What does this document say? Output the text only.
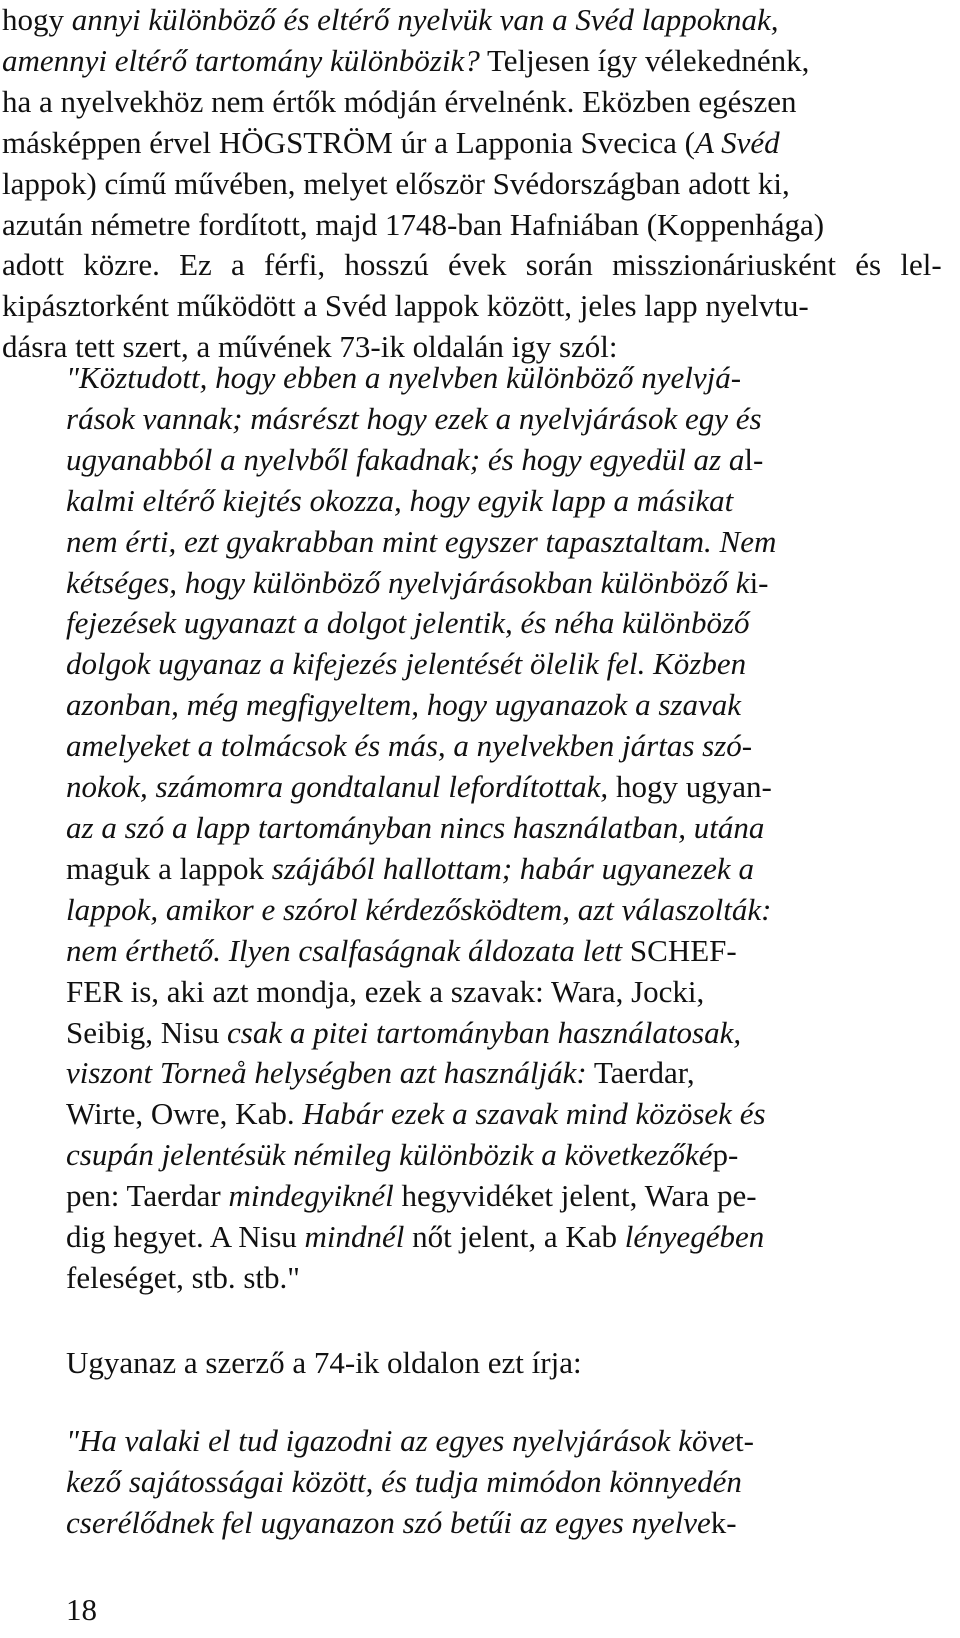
hogy annyi különböző és eltérő nyelvük van a Svéd lappoknak,
amennyi eltérő tartomány különbözik? Teljesen így vélekednénk,
ha a nyelvekhöz nem értők módján érvelnénk. Eközben egészen
másképpen érvel HÖGSTRÖM úr a Lapponia Svecica (A Svéd
lappok) című művében, melyet először Svédországban adott ki,
azután németre fordított, majd 1748-ban Hafniában (Koppenhága)
adott közre. Ez a férfi, hosszú évek során misszionáriusként és lel-
kipásztorként működött a Svéd lappok között, jeles lapp nyelvtu-
dásra tett szert, a művének 73-ik oldalán igy szól:
"Köztudott, hogy ebben a nyelvben különböző nyelvjá-
rások vannak; másrészt hogy ezek a nyelvjárások egy és
ugyanabból a nyelvből fakadnak; és hogy egyedül az al-
kalmi eltérő kiejtés okozza, hogy egyik lapp a másikat
nem érti, ezt gyakrabban mint egyszer tapasztaltam. Nem
kétséges, hogy különböző nyelvjárásokban különböző ki-
fejezések ugyanazt a dolgot jelentik, és néha különböző
dolgok ugyanaz a kifejezés jelentését ölelik fel. Közben
azonban, még megfigyeltem, hogy ugyanazok a szavak
amelyeket a tolmácsok és más, a nyelvekben jártas szó-
nokok, számomra gondtalanul lefordítottak, hogy ugyan-
az a szó a lapp tartományban nincs használatban, utána
maguk a lappok szájából hallottam; habár ugyanezek a
lappok, amikor e szórol kérdezősködtem, azt válaszolták:
nem érthető. Ilyen csalfaságnak áldozata lett SCHEF-
FER is, aki azt mondja, ezek a szavak: Wara, Jocki,
Seibig, Nisu csak a pitei tartományban használatosak,
viszont Torneå helységben azt használják: Taerdar,
Wirte, Owre, Kab. Habár ezek a szavak mind közösek és
csupán jelentésük némileg különbözik a következőkép-
pen: Taerdar mindegyiknél hegyvidéket jelent, Wara pe-
dig hegyet. A Nisu mindnél nőt jelent, a Kab lényegében
feleséget, stb. stb."
Ugyanaz a szerző a 74-ik oldalon ezt írja:
"Ha valaki el tud igazodni az egyes nyelvjárások követ-
kező sajátosságai között, és tudja mimódon könnyedén
cserélődnek fel ugyanazon szó betűi az egyes nyelvek-
18
